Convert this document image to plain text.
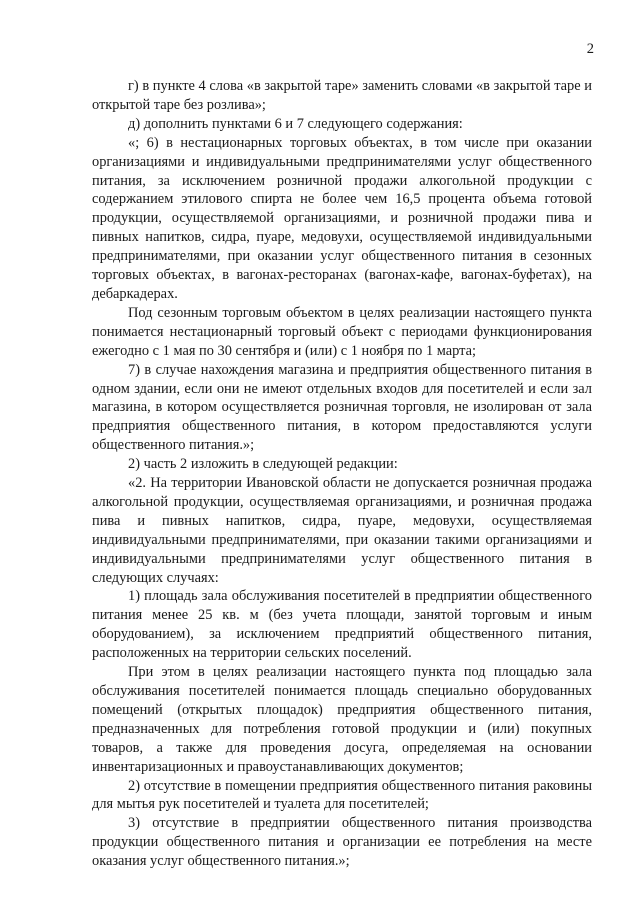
2

г) в пункте 4 слова «в закрытой таре» заменить словами «в закрытой таре и открытой таре без розлива»;

д) дополнить пунктами 6 и 7 следующего содержания:

«; 6) в нестационарных торговых объектах, в том числе при оказании организациями и индивидуальными предпринимателями услуг общественного питания, за исключением розничной продажи алкогольной продукции с содержанием этилового спирта не более чем 16,5 процента объема готовой продукции, осуществляемой организациями, и розничной продажи пива и пивных напитков, сидра, пуаре, медовухи, осуществляемой индивидуальными предпринимателями, при оказании услуг общественного питания в сезонных торговых объектах, в вагонах-ресторанах (вагонах-кафе, вагонах-буфетах), на дебаркадерах.

Под сезонным торговым объектом в целях реализации настоящего пункта понимается нестационарный торговый объект с периодами функционирования ежегодно с 1 мая по 30 сентября и (или) с 1 ноября по 1 марта;

7) в случае нахождения магазина и предприятия общественного питания в одном здании, если они не имеют отдельных входов для посетителей и если зал магазина, в котором осуществляется розничная торговля, не изолирован от зала предприятия общественного питания, в котором предоставляются услуги общественного питания.»;

2) часть 2 изложить в следующей редакции:

«2. На территории Ивановской области не допускается розничная продажа алкогольной продукции, осуществляемая организациями, и розничная продажа пива и пивных напитков, сидра, пуаре, медовухи, осуществляемая индивидуальными предпринимателями, при оказании такими организациями и индивидуальными предпринимателями услуг общественного питания в следующих случаях:

1) площадь зала обслуживания посетителей в предприятии общественного питания менее 25 кв. м (без учета площади, занятой торговым и иным оборудованием), за исключением предприятий общественного питания, расположенных на территории сельских поселений.

При этом в целях реализации настоящего пункта под площадью зала обслуживания посетителей понимается площадь специально оборудованных помещений (открытых площадок) предприятия общественного питания, предназначенных для потребления готовой продукции и (или) покупных товаров, а также для проведения досуга, определяемая на основании инвентаризационных и правоустанавливающих документов;

2) отсутствие в помещении предприятия общественного питания раковины для мытья рук посетителей и туалета для посетителей;

3) отсутствие в предприятии общественного питания производства продукции общественного питания и организации ее потребления на месте оказания услуг общественного питания.»;
